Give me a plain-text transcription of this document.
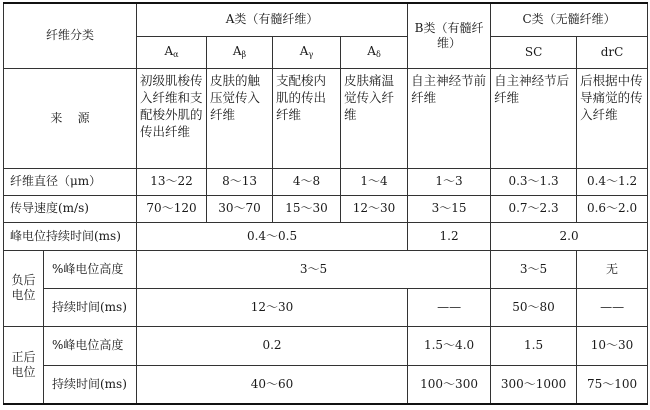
纤维分类		A类（有髓纤维）				B类（有髓纤维）	C类（无髓纤维）	
		$A_\alpha$	$A_\beta$	$A_\gamma$	$A_\delta$		SC	drC
来    源		初级肌梭传入纤维和支配梭外肌的传出纤维	皮肤的触压觉传入纤维	支配梭内肌的传出纤维	皮肤痛温觉传入纤维	自主神经节前纤维	自主神经节后纤维	后根据中传导痛觉的传入纤维
纤维直径（μm）		13～22	8～13	4～8	1～4	1～3	0.3～1.3	0.4～1.2
传导速度(m/s)		70～120	30～70	15～30	12～30	3～15	0.7～2.3	0.6～2.0
峰电位持续时间(ms)		0.4～0.5				1.2	2.0	
负后电位	%峰电位高度	3～5					3～5	无
	持续时间(ms)	12～30				——	50～80	——
正后电位	%峰电位高度	0.2				1.5～4.0	1.5	10～30
	持续时间(ms)	40～60				100～300	300～1000	75～100
